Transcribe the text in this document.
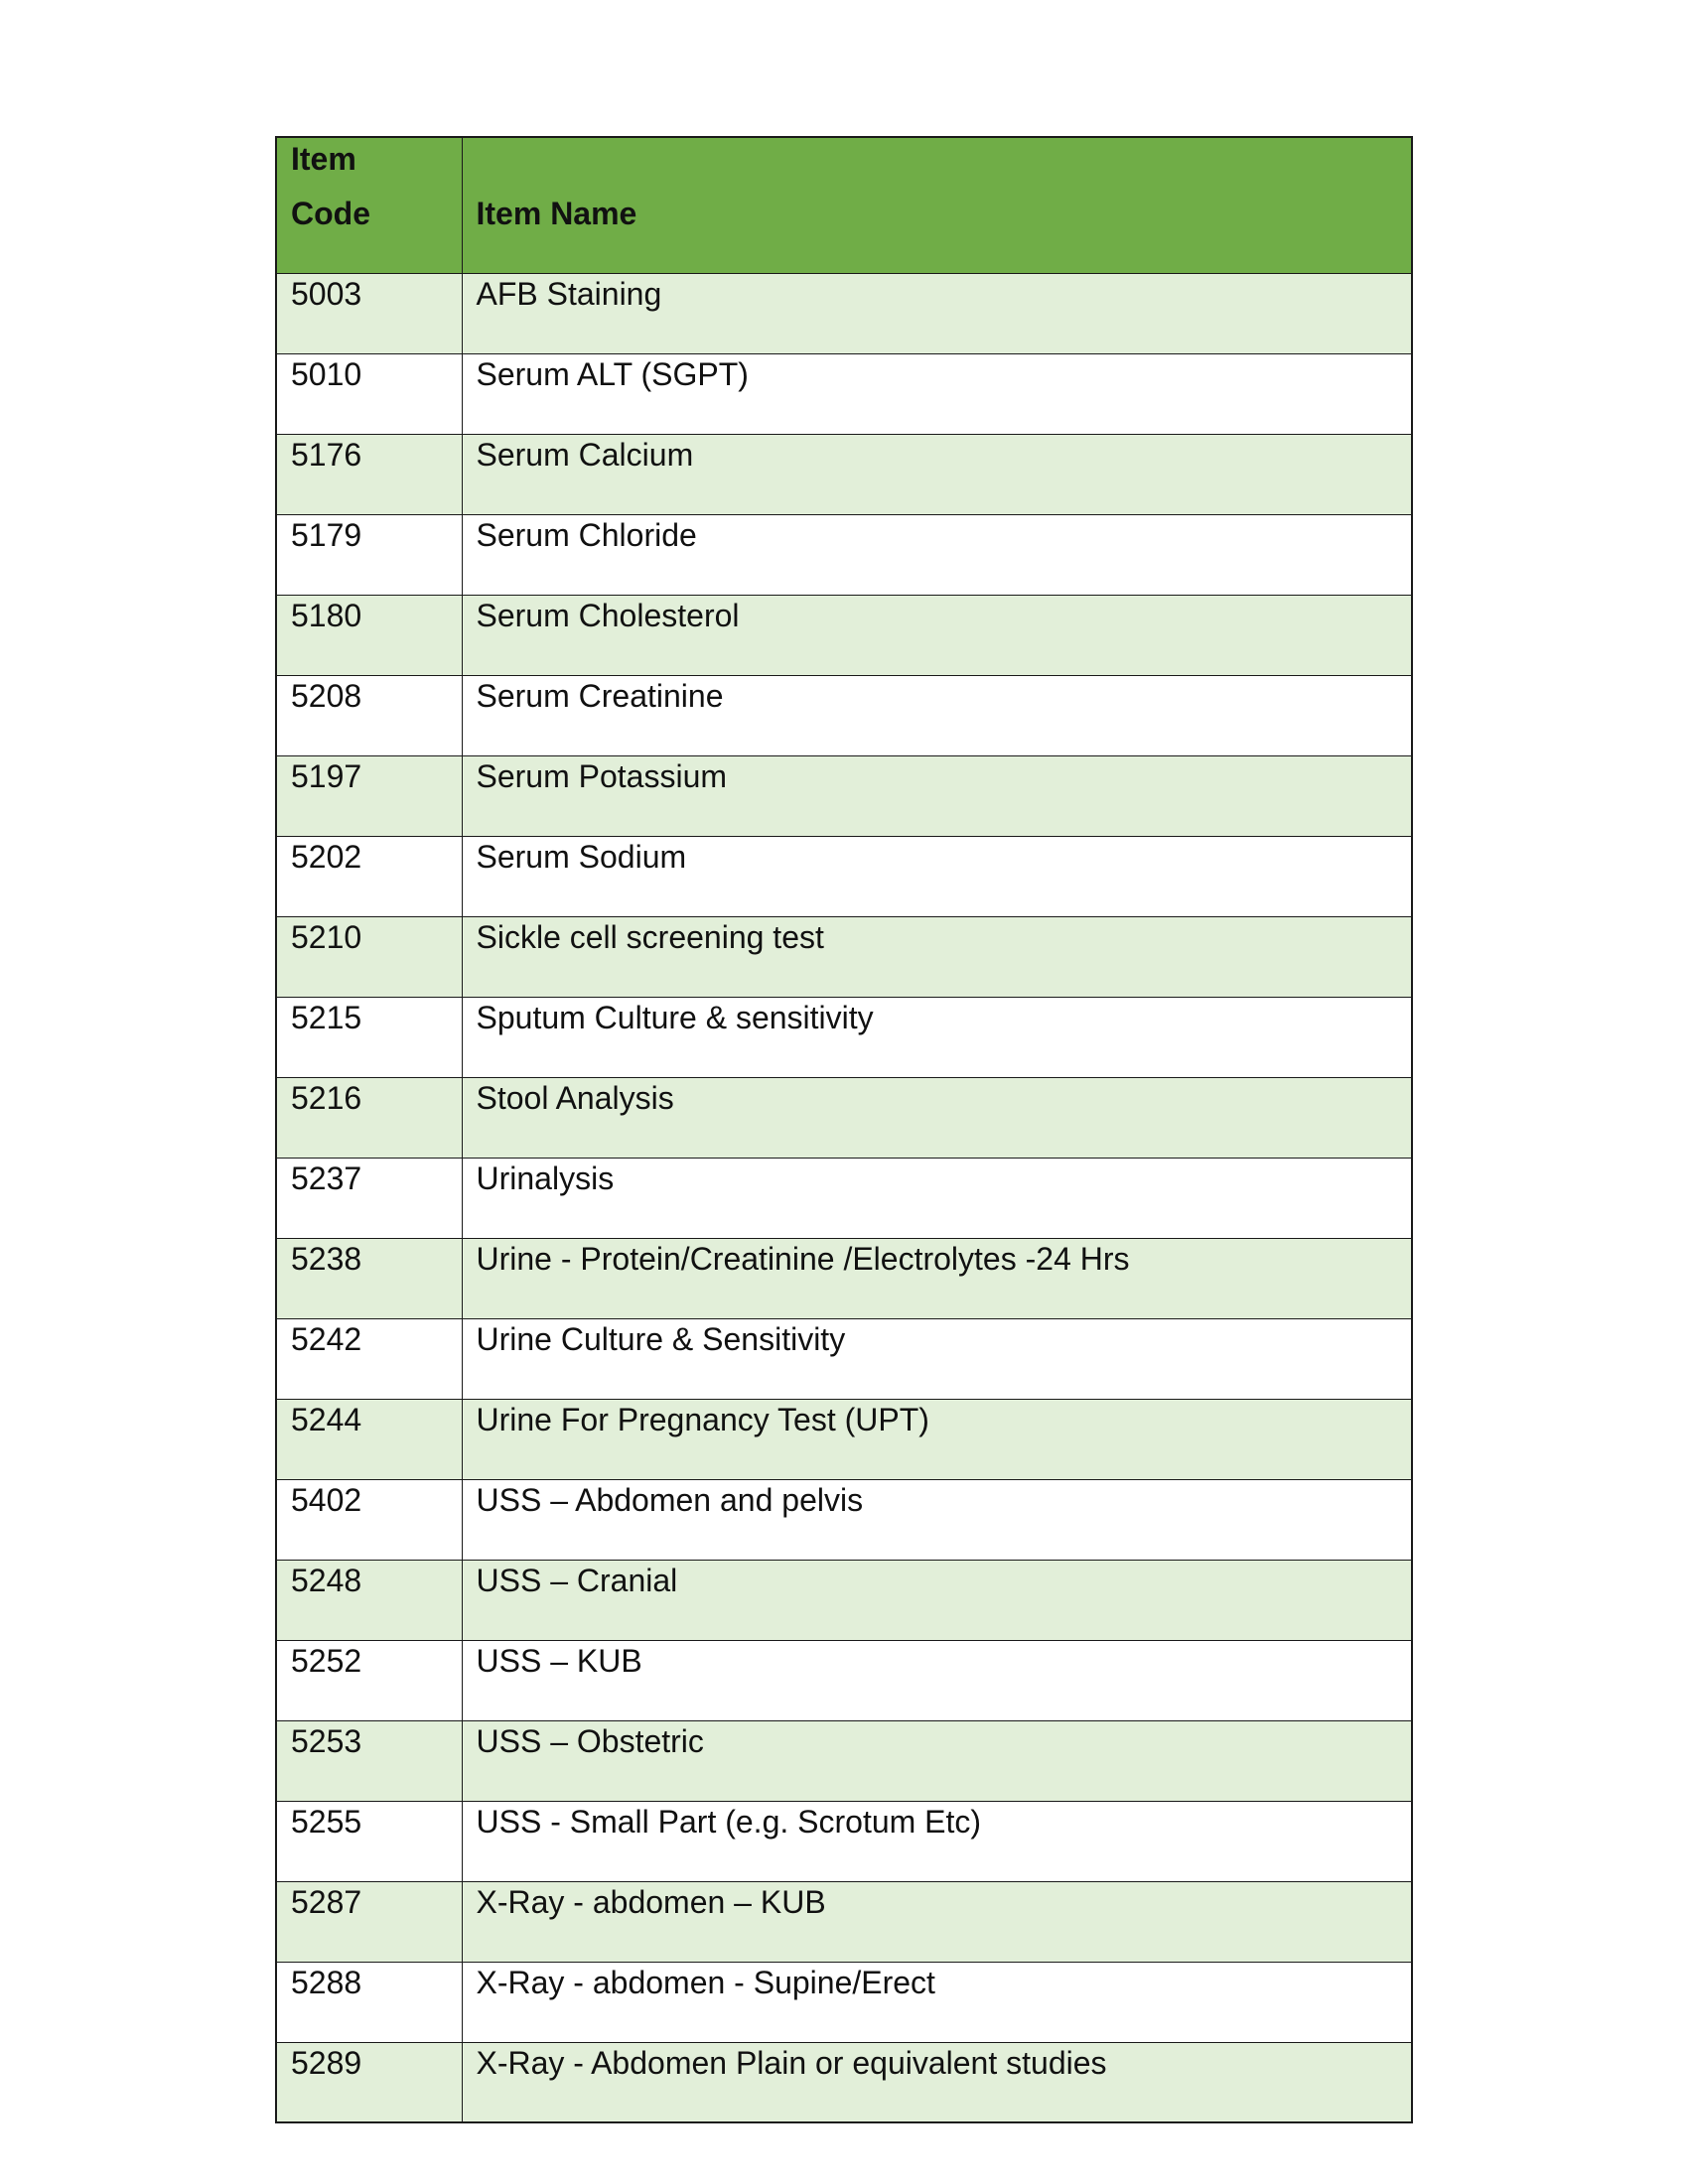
Item
Code	Item Name
5003	AFB Staining
5010	Serum ALT (SGPT)
5176	Serum Calcium
5179	Serum Chloride
5180	Serum Cholesterol
5208	Serum Creatinine
5197	Serum Potassium
5202	Serum Sodium
5210	Sickle cell screening test
5215	Sputum Culture & sensitivity
5216	Stool Analysis
5237	Urinalysis
5238	Urine - Protein/Creatinine /Electrolytes -24 Hrs
5242	Urine Culture & Sensitivity
5244	Urine For Pregnancy Test (UPT)
5402	USS – Abdomen and pelvis
5248	USS – Cranial
5252	USS – KUB
5253	USS – Obstetric
5255	USS - Small Part (e.g. Scrotum Etc)
5287	X-Ray - abdomen – KUB
5288	X-Ray - abdomen - Supine/Erect
5289	X-Ray - Abdomen Plain or equivalent studies
